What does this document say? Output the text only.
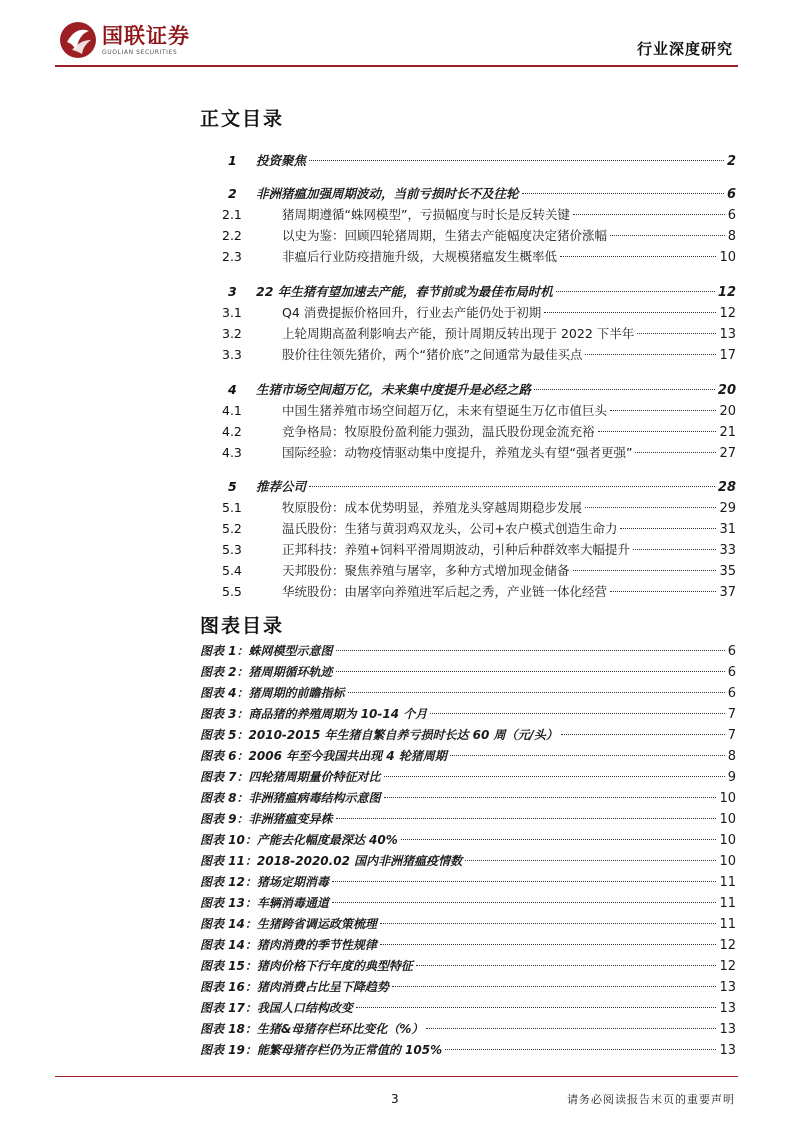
国联证券
GUOLIAN SECURITIES	行业深度研究
正文目录
1 投资聚焦	2
2 非洲猪瘟加强周期波动，当前亏损时长不及往轮	6
2.1	猪周期遵循“蛛网模型”，亏损幅度与时长是反转关键	6
2.2	以史为鉴：回顾四轮猪周期，生猪去产能幅度决定猪价涨幅	8
2.3	非瘟后行业防疫措施升级，大规模猪瘟发生概率低	10
3 22 年生猪有望加速去产能，春节前或为最佳布局时机	12
3.1	Q4 消费提振价格回升，行业去产能仍处于初期	12
3.2	上轮周期高盈利影响去产能，预计周期反转出现于 2022 下半年	13
3.3	股价往往领先猪价，两个“猪价底”之间通常为最佳买点	17
4 生猪市场空间超万亿，未来集中度提升是必经之路	20
4.1	中国生猪养殖市场空间超万亿，未来有望诞生万亿市值巨头	20
4.2	竞争格局：牧原股份盈利能力强劲，温氏股份现金流充裕	21
4.3	国际经验：动物疫情驱动集中度提升，养殖龙头有望“强者更强”	27
5 推荐公司	28
5.1	牧原股份：成本优势明显，养殖龙头穿越周期稳步发展	29
5.2	温氏股份：生猪与黄羽鸡双龙头，公司+农户模式创造生命力	31
5.3	正邦科技：养殖+饲料平滑周期波动，引种后种群效率大幅提升	33
5.4	天邦股份：聚焦养殖与屠宰，多种方式增加现金储备	35
5.5	华统股份：由屠宰向养殖进军后起之秀，产业链一体化经营	37
图表目录
图表 1：蛛网模型示意图	6
图表 2：猪周期循环轨迹	6
图表 4：猪周期的前瞻指标	6
图表 3：商品猪的养殖周期为 10-14 个月	7
图表 5：2010-2015 年生猪自繁自养亏损时长达 60 周（元/头）	7
图表 6：2006 年至今我国共出现 4 轮猪周期	8
图表 7：四轮猪周期量价特征对比	9
图表 8：非洲猪瘟病毒结构示意图	10
图表 9：非洲猪瘟变异株	10
图表 10：产能去化幅度最深达 40%	10
图表 11：2018-2020.02 国内非洲猪瘟疫情数	10
图表 12：猪场定期消毒	11
图表 13：车辆消毒通道	11
图表 14：生猪跨省调运政策梳理	11
图表 14：猪肉消费的季节性规律	12
图表 15：猪肉价格下行年度的典型特征	12
图表 16：猪肉消费占比呈下降趋势	13
图表 17：我国人口结构改变	13
图表 18：生猪&母猪存栏环比变化（%）	13
图表 19：能繁母猪存栏仍为正常值的 105%	13
3	请务必阅读报告末页的重要声明
